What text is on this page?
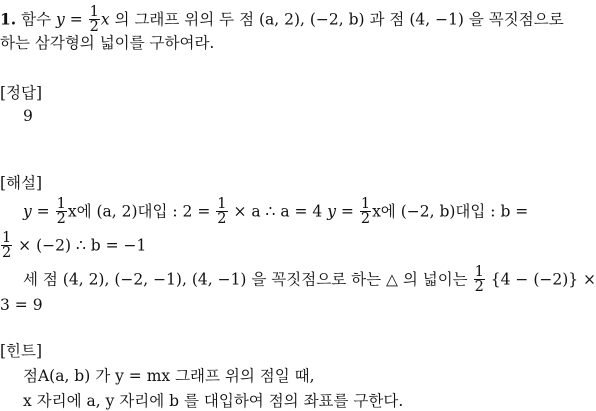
1. 함수 $y = \frac{1}{2}$ x 의 그래프 위의 두 점 (a, 2), (−2, b) 과 점 (4, −1) 을 꼭짓점으로
하는 삼각형의 넓이를 구하여라.
[정답]
9
[해설]
$y = \frac{1}{2}$ x에 (a, 2)대입 : $2 = \frac{1}{2} \times a$ ∴ a = 4 $y = \frac{1}{2}$ x에 (−2, b)대입 : b =
$\frac{1}{2} \times (-2)$ ∴ b = −1
세 점 (4, 2), (−2, −1), (4, −1) 을 꼭짓점으로 하는 △ 의 넓이는 $\frac{1}{2} \{4 - (-2)\}$ ×
3 = 9
[힌트]
점A(a, b) 가 y = mx 그래프 위의 점일 때,
x 자리에 a, y 자리에 b 를 대입하여 점의 좌표를 구한다.
